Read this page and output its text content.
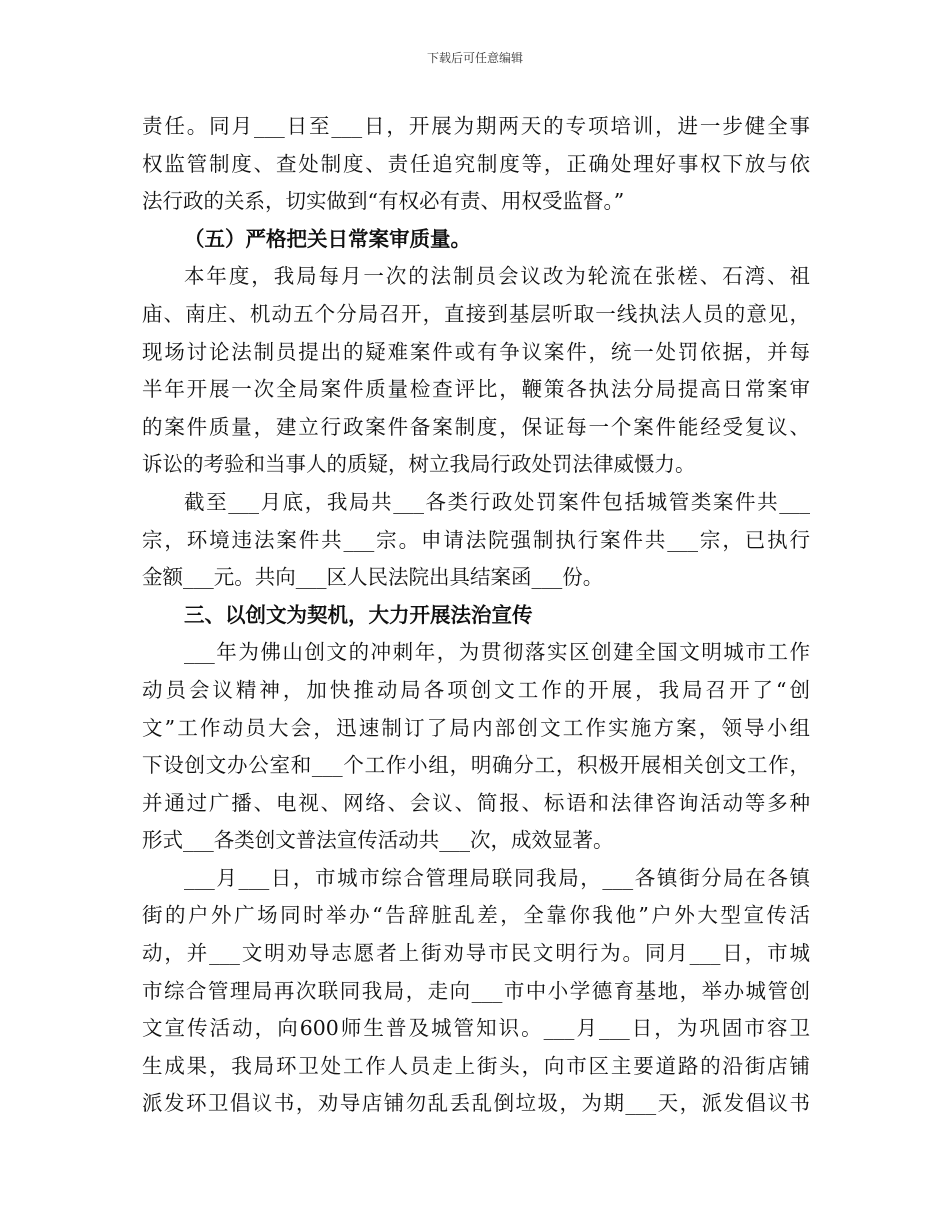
下载后可任意编辑
责任。同月___日至___日，开展为期两天的专项培训，进一步健全事
权监管制度、查处制度、责任追究制度等，正确处理好事权下放与依
法行政的关系，切实做到“有权必有责、用权受监督。”
（五）严格把关日常案审质量。
本年度，我局每月一次的法制员会议改为轮流在张槎、石湾、祖
庙、南庄、机动五个分局召开，直接到基层听取一线执法人员的意见，
现场讨论法制员提出的疑难案件或有争议案件，统一处罚依据，并每
半年开展一次全局案件质量检查评比，鞭策各执法分局提高日常案审
的案件质量，建立行政案件备案制度，保证每一个案件能经受复议、
诉讼的考验和当事人的质疑，树立我局行政处罚法律威慑力。
截至___月底，我局共___各类行政处罚案件包括城管类案件共___
宗，环境违法案件共___宗。申请法院强制执行案件共___宗，已执行
金额___元。共向___区人民法院出具结案函___份。
三、以创文为契机，大力开展法治宣传
___年为佛山创文的冲刺年，为贯彻落实区创建全国文明城市工作
动员会议精神，加快推动局各项创文工作的开展，我局召开了“创
文”工作动员大会，迅速制订了局内部创文工作实施方案，领导小组
下设创文办公室和___个工作小组，明确分工，积极开展相关创文工作，
并通过广播、电视、网络、会议、简报、标语和法律咨询活动等多种
形式___各类创文普法宣传活动共___次，成效显著。
___月___日，市城市综合管理局联同我局，___各镇街分局在各镇
街的户外广场同时举办“告辞脏乱差，全靠你我他”户外大型宣传活
动，并___文明劝导志愿者上街劝导市民文明行为。同月___日，市城
市综合管理局再次联同我局，走向___市中小学德育基地，举办城管创
文宣传活动，向600师生普及城管知识。___月___日，为巩固市容卫
生成果，我局环卫处工作人员走上街头，向市区主要道路的沿街店铺
派发环卫倡议书，劝导店铺勿乱丢乱倒垃圾，为期___天，派发倡议书
